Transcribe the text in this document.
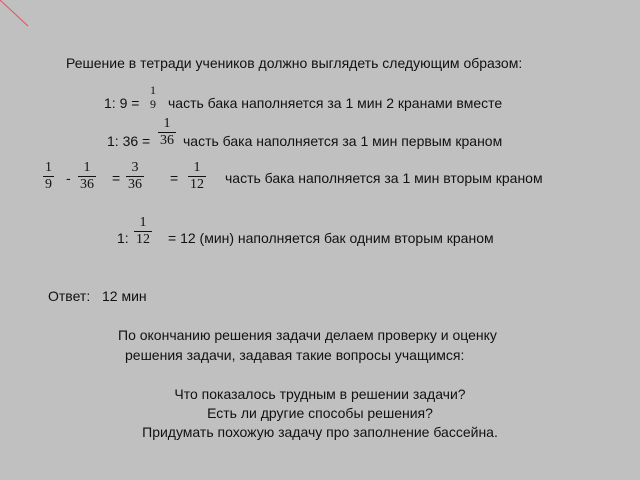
Решение в тетради учеников должно выглядеть следующим образом:
1: 9 =
1
9 часть бака наполняется за 1 мин 2 кранами вместе
1: 36 =
1
36 часть бака наполняется за 1 мин первым краном
1
9 -
1
36 =
3
36 =
1
12 часть бака наполняется за 1 мин вторым краном
1:
1
12 = 12 (мин) наполняется бак одним вторым краном
Ответ: 12 мин
По окончанию решения задачи делаем проверку и оценку
решения задачи, задавая такие вопросы учащимся:
Что показалось трудным в решении задачи?
Есть ли другие способы решения?
Придумать похожую задачу про заполнение бассейна.
